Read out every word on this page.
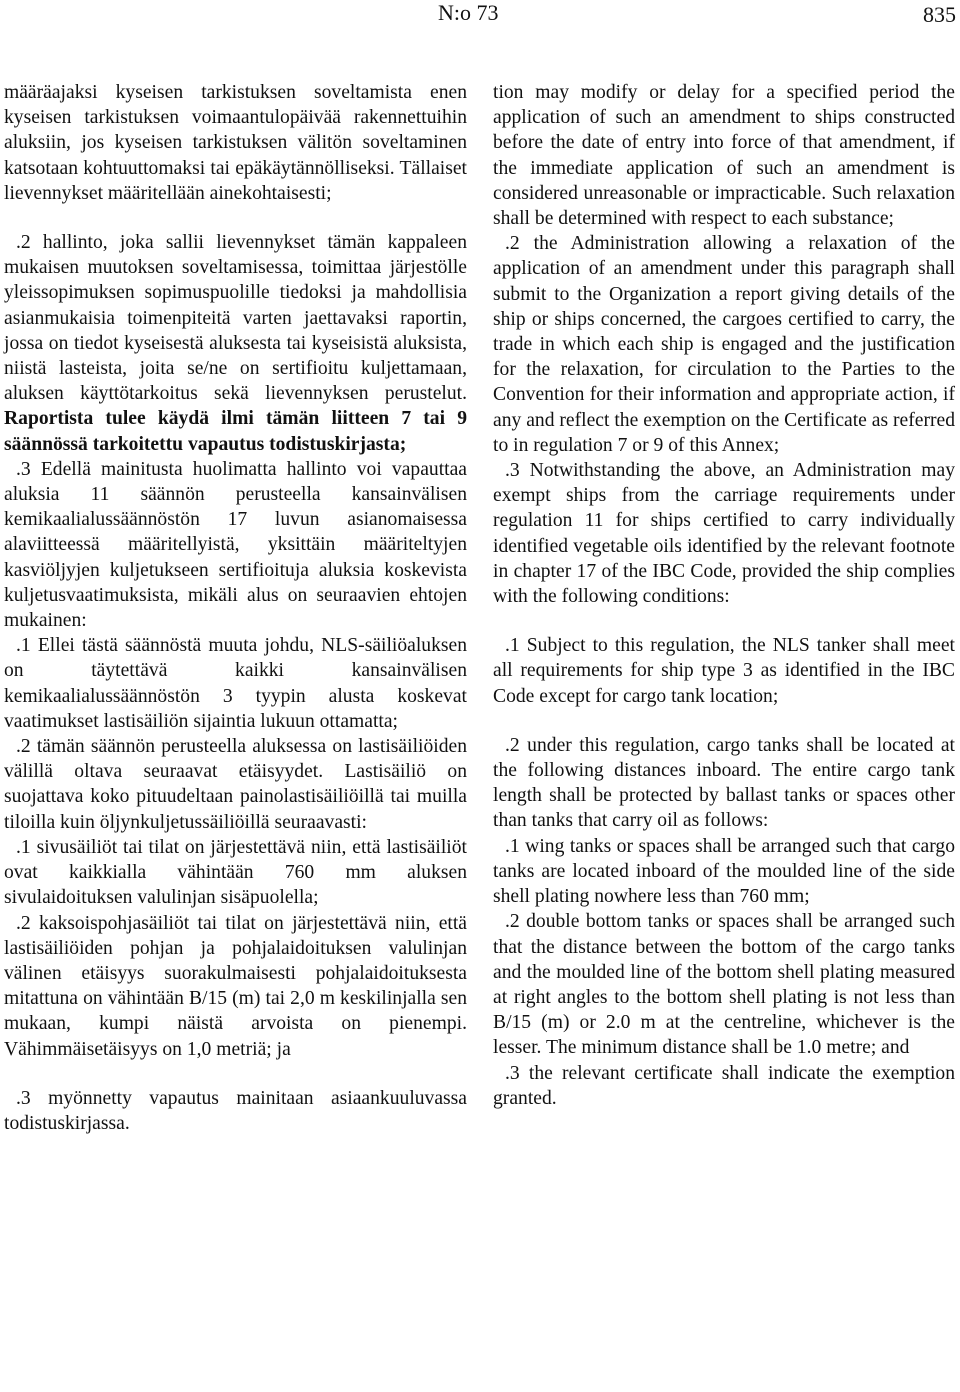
N:o 73	835

määräajaksi kyseisen tarkistuksen soveltamista enen kyseisen tarkistuksen voimaantulopäivää rakennettuihin aluksiin, jos kyseisen tarkistuksen välitön soveltaminen katsotaan kohtuuttomaksi tai epäkäytännölliseksi. Tällaiset lievennykset määritellään ainekohtaisesti;

.2 hallinto, joka sallii lievennykset tämän kappaleen mukaisen muutoksen soveltamisessa, toimittaa järjestölle yleissopimuksen sopimuspuolille tiedoksi ja mahdollisia asianmukaisia toimenpiteitä varten jaettavaksi raportin, jossa on tiedot kyseisestä aluksesta tai kyseisistä aluksista, niistä lasteista, joita se/ne on sertifioitu kuljettamaan, aluksen käyttötarkoitus sekä lievennyksen perustelut. Raportista tulee käydä ilmi tämän liitteen 7 tai 9 säännössä tarkoitettu vapautus todistuskirjasta;

.3 Edellä mainitusta huolimatta hallinto voi vapauttaa aluksia 11 säännön perusteella kansainvälisen kemikaalialussäännöstön 17 luvun asianomaisessa alaviitteessä määritellyistä, yksittäin määriteltyjen kasviöljyjen kuljetukseen sertifioituja aluksia koskevista kuljetusvaatimuksista, mikäli alus on seuraavien ehtojen mukainen:

.1 Ellei tästä säännöstä muuta johdu, NLS-säiliöaluksen on täytettävä kaikki kansainvälisen kemikaalialussäännöstön 3 tyypin alusta koskevat vaatimukset lastisäiliön sijaintia lukuun ottamatta;

.2 tämän säännön perusteella aluksessa on lastisäiliöiden välillä oltava seuraavat etäisyydet. Lastisäiliö on suojattava koko pituudeltaan painolastisäiliöillä tai muilla tiloilla kuin öljynkuljetussäiliöillä seuraavasti:

.1 sivusäiliöt tai tilat on järjestettävä niin, että lastisäiliöt ovat kaikkialla vähintään 760 mm aluksen sivulaidoituksen valulinjan sisäpuolella;

.2 kaksoispohjasäiliöt tai tilat on järjestettävä niin, että lastisäiliöiden pohjan ja pohjalaidoituksen valulinjan välinen etäisyys suorakulmaisesti pohjalaidoituksesta mitattuna on vähintään B/15 (m) tai 2,0 m keskilinjalla sen mukaan, kumpi näistä arvoista on pienempi. Vähimmäisetäisyys on 1,0 metriä; ja

.3 myönnetty vapautus mainitaan asiaankuuluvassa todistuskirjassa.

tion may modify or delay for a specified period the application of such an amendment to ships constructed before the date of entry into force of that amendment, if the immediate application of such an amendment is considered unreasonable or impracticable. Such relaxation shall be determined with respect to each substance;

.2 the Administration allowing a relaxation of the application of an amendment under this paragraph shall submit to the Organization a report giving details of the ship or ships concerned, the cargoes certified to carry, the trade in which each ship is engaged and the justification for the relaxation, for circulation to the Parties to the Convention for their information and appropriate action, if any and reflect the exemption on the Certificate as referred to in regulation 7 or 9 of this Annex;

.3 Notwithstanding the above, an Administration may exempt ships from the carriage requirements under regulation 11 for ships certified to carry individually identified vegetable oils identified by the relevant footnote in chapter 17 of the IBC Code, provided the ship complies with the following conditions:

.1 Subject to this regulation, the NLS tanker shall meet all requirements for ship type 3 as identified in the IBC Code except for cargo tank location;

.2 under this regulation, cargo tanks shall be located at the following distances inboard. The entire cargo tank length shall be protected by ballast tanks or spaces other than tanks that carry oil as follows:

.1 wing tanks or spaces shall be arranged such that cargo tanks are located inboard of the moulded line of the side shell plating nowhere less than 760 mm;

.2 double bottom tanks or spaces shall be arranged such that the distance between the bottom of the cargo tanks and the moulded line of the bottom shell plating measured at right angles to the bottom shell plating is not less than B/15 (m) or 2.0 m at the centreline, whichever is the lesser. The minimum distance shall be 1.0 metre; and

.3 the relevant certificate shall indicate the exemption granted.
